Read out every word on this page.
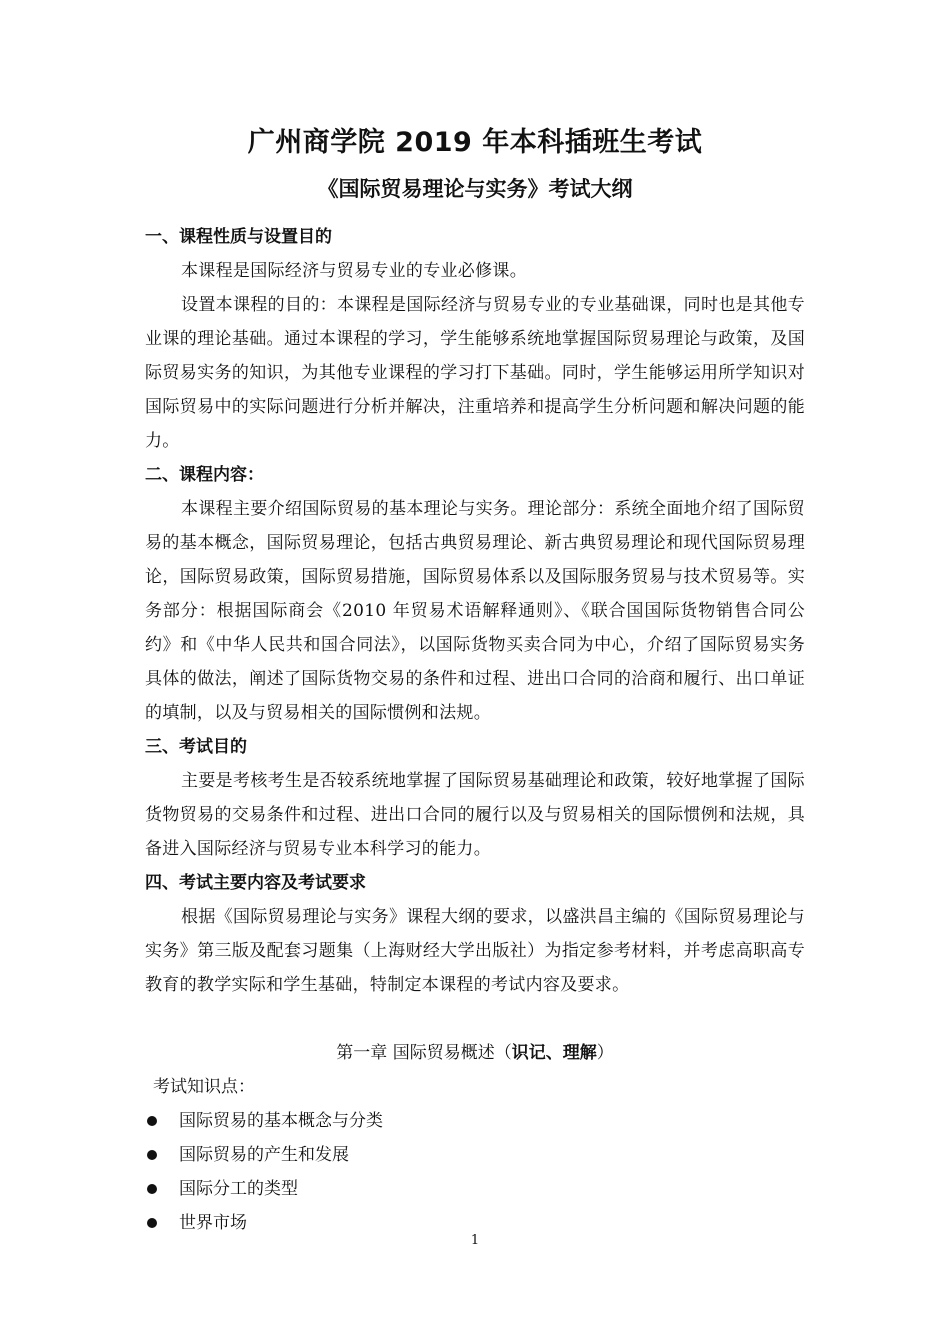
广州商学院 2019 年本科插班生考试
《国际贸易理论与实务》考试大纲
一、课程性质与设置目的
本课程是国际经济与贸易专业的专业必修课。
设置本课程的目的：本课程是国际经济与贸易专业的专业基础课，同时也是其他专业课的理论基础。通过本课程的学习，学生能够系统地掌握国际贸易理论与政策，及国际贸易实务的知识，为其他专业课程的学习打下基础。同时，学生能够运用所学知识对国际贸易中的实际问题进行分析并解决，注重培养和提高学生分析问题和解决问题的能力。
二、课程内容：
本课程主要介绍国际贸易的基本理论与实务。理论部分：系统全面地介绍了国际贸易的基本概念，国际贸易理论，包括古典贸易理论、新古典贸易理论和现代国际贸易理论，国际贸易政策，国际贸易措施，国际贸易体系以及国际服务贸易与技术贸易等。实务部分：根据国际商会《2010 年贸易术语解释通则》、《联合国国际货物销售合同公约》和《中华人民共和国合同法》，以国际货物买卖合同为中心，介绍了国际贸易实务具体的做法，阐述了国际货物交易的条件和过程、进出口合同的洽商和履行、出口单证的填制，以及与贸易相关的国际惯例和法规。
三、考试目的
主要是考核考生是否较系统地掌握了国际贸易基础理论和政策，较好地掌握了国际货物贸易的交易条件和过程、进出口合同的履行以及与贸易相关的国际惯例和法规，具备进入国际经济与贸易专业本科学习的能力。
四、考试主要内容及考试要求
根据《国际贸易理论与实务》课程大纲的要求，以盛洪昌主编的《国际贸易理论与实务》第三版及配套习题集（上海财经大学出版社）为指定参考材料，并考虑高职高专教育的教学实际和学生基础，特制定本课程的考试内容及要求。
第一章 国际贸易概述（识记、理解）
考试知识点：
国际贸易的基本概念与分类
国际贸易的产生和发展
国际分工的类型
世界市场
1
